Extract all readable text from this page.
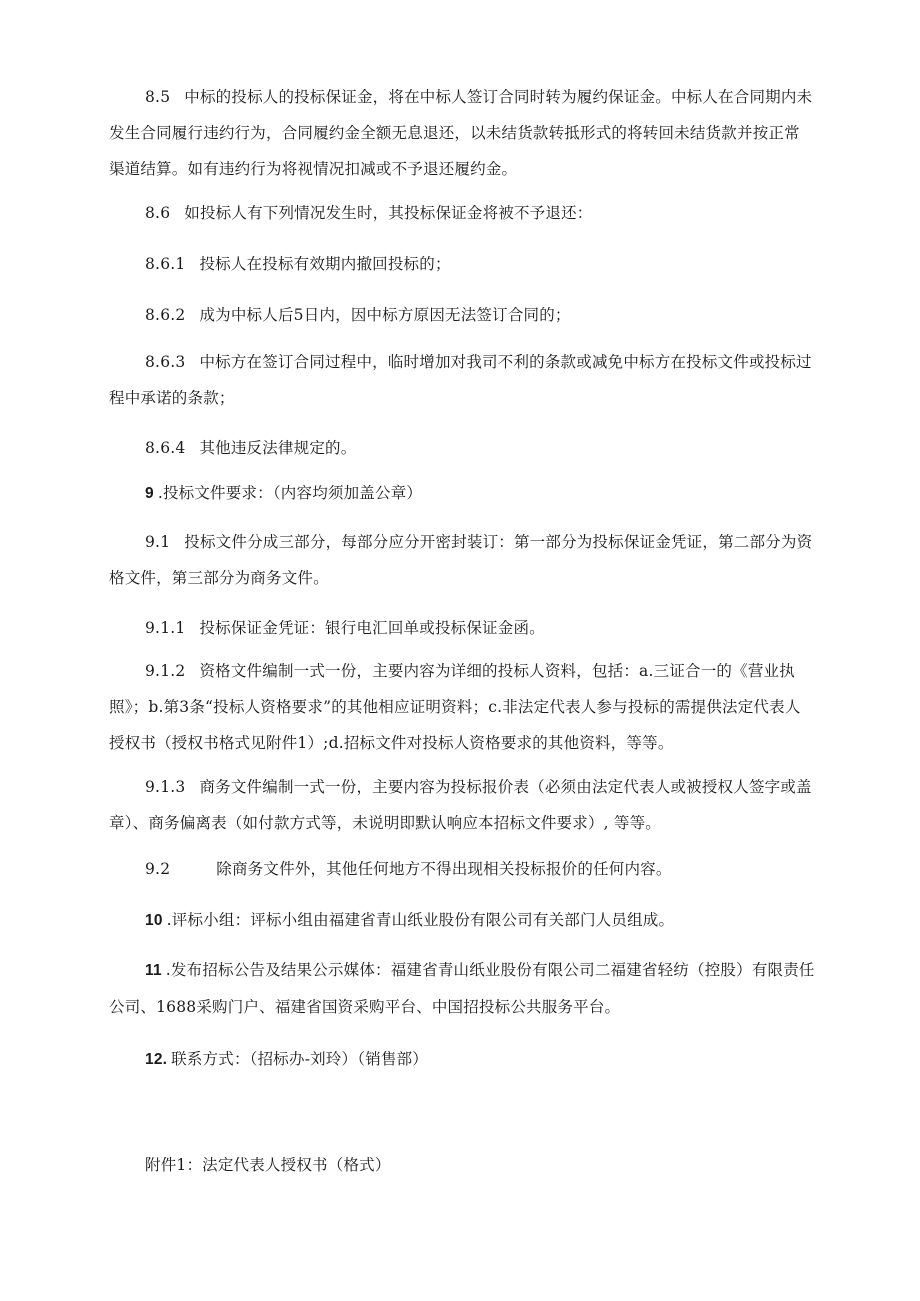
8.5 中标的投标人的投标保证金，将在中标人签订合同时转为履约保证金。中标人在合同期内未发生合同履行违约行为，合同履约金全额无息退还，以未结货款转抵形式的将转回未结货款并按正常渠道结算。如有违约行为将视情况扣减或不予退还履约金。

8.6 如投标人有下列情况发生时，其投标保证金将被不予退还：

8.6.1 投标人在投标有效期内撤回投标的；

8.6.2 成为中标人后5日内，因中标方原因无法签订合同的；

8.6.3 中标方在签订合同过程中，临时增加对我司不利的条款或减免中标方在投标文件或投标过程中承诺的条款；

8.6.4 其他违反法律规定的。

9 .投标文件要求：（内容均须加盖公章）

9.1 投标文件分成三部分，每部分应分开密封装订：第一部分为投标保证金凭证，第二部分为资格文件，第三部分为商务文件。

9.1.1 投标保证金凭证：银行电汇回单或投标保证金函。

9.1.2 资格文件编制一式一份，主要内容为详细的投标人资料，包括：a.三证合一的《营业执照》；b.第3条“投标人资格要求”的其他相应证明资料；c.非法定代表人参与投标的需提供法定代表人授权书（授权书格式见附件1）;d.招标文件对投标人资格要求的其他资料，等等。

9.1.3 商务文件编制一式一份，主要内容为投标报价表（必须由法定代表人或被授权人签字或盖章）、商务偏离表（如付款方式等，未说明即默认响应本招标文件要求）, 等等。

9.2	除商务文件外，其他任何地方不得出现相关投标报价的任何内容。

10 .评标小组：评标小组由福建省青山纸业股份有限公司有关部门人员组成。

11 .发布招标公告及结果公示媒体：福建省青山纸业股份有限公司二福建省轻纺（控股）有限责任公司、1688采购门户、福建省国资采购平台、中国招投标公共服务平台。

12. 联系方式：（招标办-刘玲）（销售部）

附件1：法定代表人授权书（格式）
